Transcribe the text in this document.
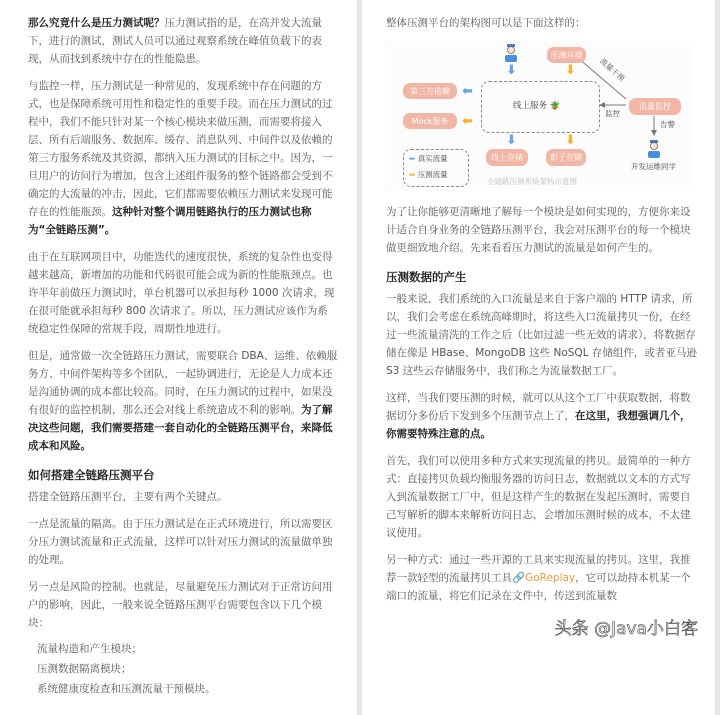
那么究竟什么是压力测试呢？压力测试指的是，在高并发大流量下，进行的测试，测试人员可以通过观察系统在峰值负载下的表现，从而找到系统中存在的性能隐患。

与监控一样，压力测试是一种常见的，发现系统中存在问题的方式，也是保障系统可用性和稳定性的重要手段。而在压力测试的过程中，我们不能只针对某一个核心模块来做压测，而需要将接入层、所有后端服务、数据库、缓存、消息队列、中间件以及依赖的第三方服务系统及其资源，都纳入压力测试的目标之中。因为，一旦用户的访问行为增加，包含上述组件服务的整个链路都会受到不确定的大流量的冲击，因此，它们都需要依赖压力测试来发现可能存在的性能瓶颈。这种针对整个调用链路执行的压力测试也称为“全链路压测”。

由于在互联网项目中，功能迭代的速度很快，系统的复杂性也变得越来越高，新增加的功能和代码很可能会成为新的性能瓶颈点。也许半年前做压力测试时，单台机器可以承担每秒 1000 次请求，现在很可能就承担每秒 800 次请求了。所以，压力测试应该作为系统稳定性保障的常规手段，周期性地进行。

但是，通常做一次全链路压力测试，需要联合 DBA、运维、依赖服务方、中间件架构等多个团队，一起协调进行，无论是人力成本还是沟通协调的成本都比较高。同时，在压力测试的过程中，如果没有很好的监控机制，那么还会对线上系统造成不利的影响。为了解决这些问题，我们需要搭建一套自动化的全链路压测平台，来降低成本和风险。

如何搭建全链路压测平台

搭建全链路压测平台，主要有两个关键点。

一点是流量的隔离。由于压力测试是在正式环境进行，所以需要区分压力测试流量和正式流量，这样可以针对压力测试的流量做单独的处理。

另一点是风险的控制。也就是，尽量避免压力测试对于正常访问用户的影响，因此，一般来说全链路压测平台需要包含以下几个模块：

流量构造和产生模块；
压测数据隔离模块；
系统健康度检查和压测流量干预模块。

整体压测平台的架构图可以是下面这样的：

压测环境
⬇	⬇
线上服务 🪴
第三方依赖 ⬅
Mock服务	⬅
⬇	⬇
线上存储	影子存储
流量监控
流量干预
监控
告警
开发运维同学
⬅ 真实流量
⬅ 压测流量
全链路压测系统架构示意图

为了让你能够更清晰地了解每一个模块是如何实现的，方便你来设计适合自身业务的全链路压测平台，我会对压测平台的每一个模块做更细致地介绍。先来看看压力测试的流量是如何产生的。

压测数据的产生

一般来说，我们系统的入口流量是来自于客户端的 HTTP 请求，所以，我们会考虑在系统高峰期时，将这些入口流量拷贝一份，在经过一些流量清洗的工作之后（比如过滤一些无效的请求），将数据存储在像是 HBase、MongoDB 这些 NoSQL 存储组件，或者亚马逊 S3 这些云存储服务中，我们称之为流量数据工厂。

这样，当我们要压测的时候，就可以从这个工厂中获取数据，将数据切分多份后下发到多个压测节点上了，在这里，我想强调几个，你需要特殊注意的点。

首先，我们可以使用多种方式来实现流量的拷贝。最简单的一种方式：直接拷贝负载均衡服务器的访问日志，数据就以文本的方式写入到流量数据工厂中，但是这样产生的数据在发起压测时，需要自己写解析的脚本来解析访问日志，会增加压测时候的成本，不太建议使用。

另一种方式：通过一些开源的工具来实现流量的拷贝。这里，我推荐一款轻型的流量拷贝工具🔗GoReplay，它可以劫持本机某一个端口的流量，将它们记录在文件中，传送到流量数

头条 @Java小白客
